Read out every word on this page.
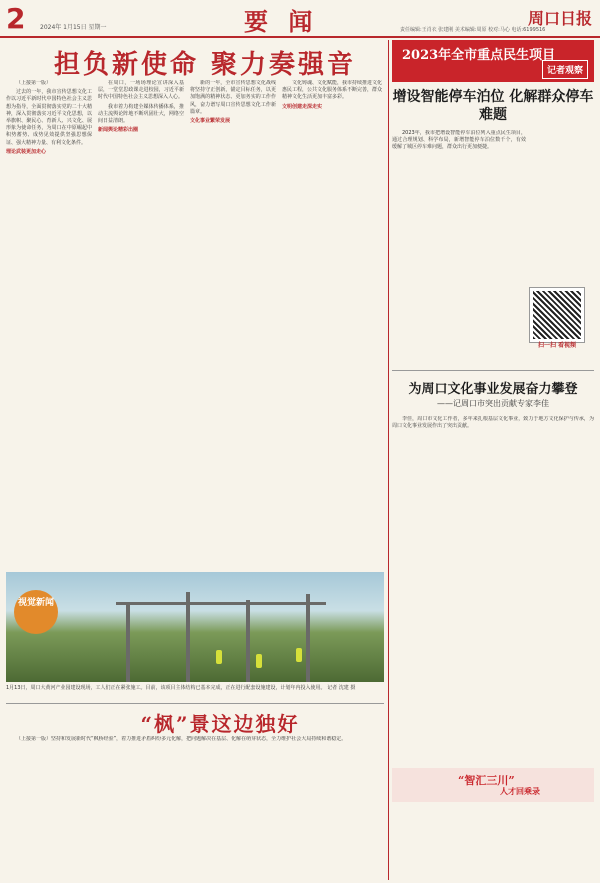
2 2024年 1月15日 星期一	要 闻	责任编辑:王肖衣 张建刚 美术编辑:周原 校对:马心 电话:6199516
周口日报
担负新使命 聚力奏强音

（上接第一版）

过去的一年，我市宣传思想文化工作以习近平新时代中国特色社会主义思想为指导，全面贯彻落实党的二十大精神，深入贯彻落实习近平文化思想，以举旗帜、聚民心、育新人、兴文化、展形象为使命任务，为周口在中原崛起中积势蓄势、成势见效提供坚强思想保证、强大精神力量、有利文化条件。

理论武装更加走心

在周口，一场场理论宣讲深入基层，一堂堂思政课走进校园，习近平新时代中国特色社会主义思想深入人心。

我市着力构建全媒体传播体系，推动主流舆论阵地不断巩固壮大，网络空间日益清朗。

新闻舆论精彩出圈

新的一年，全市宣传思想文化战线将坚持守正创新，锚定目标任务，以更加饱满的精神状态、更加务实的工作作风，奋力谱写周口宣传思想文化工作新篇章。

文化事业繁荣发展

文化铸魂、文化赋能，我市持续推进文化惠民工程，公共文化服务体系不断完善，群众精神文化生活更加丰富多彩。

文明创建走深走实
视觉新闻
1月13日，周口大黄河产业园建设现场，工人们正在紧张施工。目前，该项目主体结构已基本完成，正在进行配套设施建设，计划年内投入使用。 记者 沈建 摄
“枫”景这边独好

（上接第一版）坚持和发展新时代“枫桥经验”，着力推进矛盾纠纷多元化解，把问题解决在基层、化解在萌芽状态，全力维护社会大局持续和谐稳定。

2023年全市重点民生项目
记者观察
增设智能停车泊位 化解群众停车难题

2023年，我市把增设智能停车泊位列入重点民生项目，通过合理规划、科学布局，新增智能停车泊位数千个，有效缓解了城区停车难问题，群众出行更加便捷。

扫一扫 看视频
为周口文化事业发展奋力攀登
——记周口市突出贡献专家李佳

李佳，周口市文化工作者，多年来扎根基层文化事业，致力于地方文化保护与传承，为周口文化事业发展作出了突出贡献。

“智汇三川”
人才回乘录
